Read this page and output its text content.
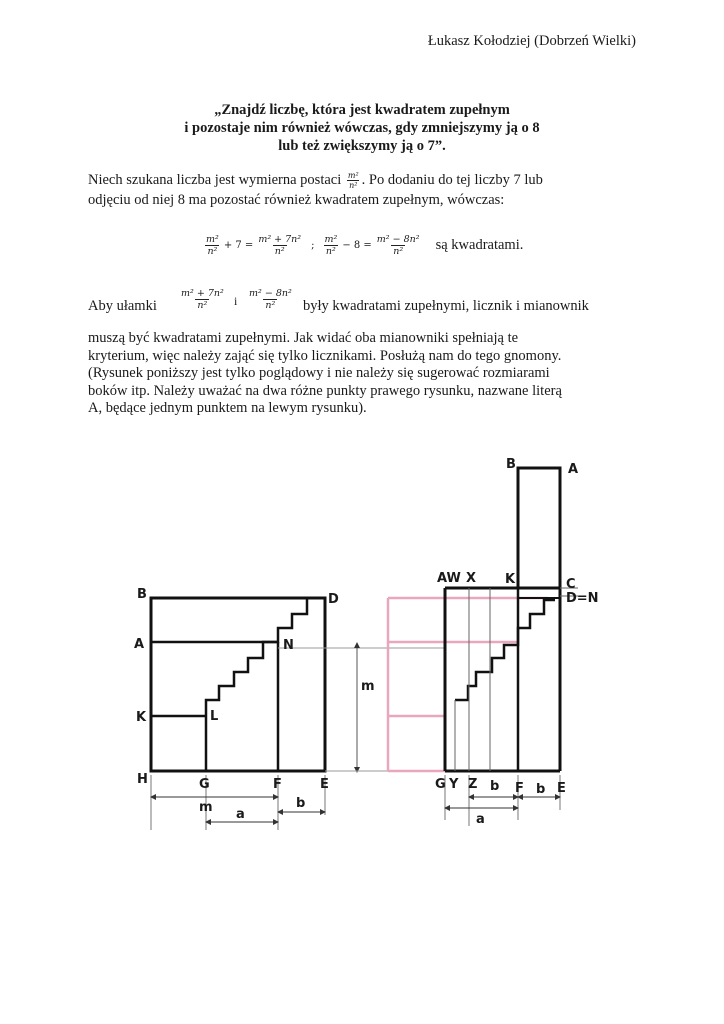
Łukasz Kołodziej (Dobrzeń Wielki)
„Znajdź liczbę, która jest kwadratem zupełnym
i pozostaje nim również wówczas, gdy zmniejszymy ją o 8
lub też zwiększymy ją o 7”.
Niech szukana liczba jest wymierna postaci $\frac{\text{m²}}{\text{n²}}$ . Po dodaniu do tej liczby 7 lub
odjęciu od niej 8 ma pozostać również kwadratem zupełnym, wówczas:
$\frac{\text{m²}}{\text{n²}} + 7 = \frac{\text{m² + 7n²}}{\text{n²}}$ ; $\frac{\text{m²}}{\text{n²}} - 8 = \frac{\text{m² − 8n²}}{\text{n²}}$ są kwadratami.
Aby ułamki $\frac{\text{m² + 7n²}}{\text{n²}}$ i $\frac{\text{m² − 8n²}}{\text{n²}}$ były kwadratami zupełnymi, licznik i mianownik
muszą być kwadratami zupełnymi. Jak widać oba mianowniki spełniają te
kryterium, więc należy zająć się tylko licznikami. Posłużą nam do tego gnomony.
(Rysunek poniższy jest tylko poglądowy i nie należy się sugerować rozmiarami
boków itp. Należy uważać na dwa różne punkty prawego rysunku, nazwane literą
A, będące jednym punktem na lewym rysunku).
B	D
A	N
K	L
H	G	F	E
m a
b
m
B	A
AW X K	C
D=N
G Y Z b F b E
a
